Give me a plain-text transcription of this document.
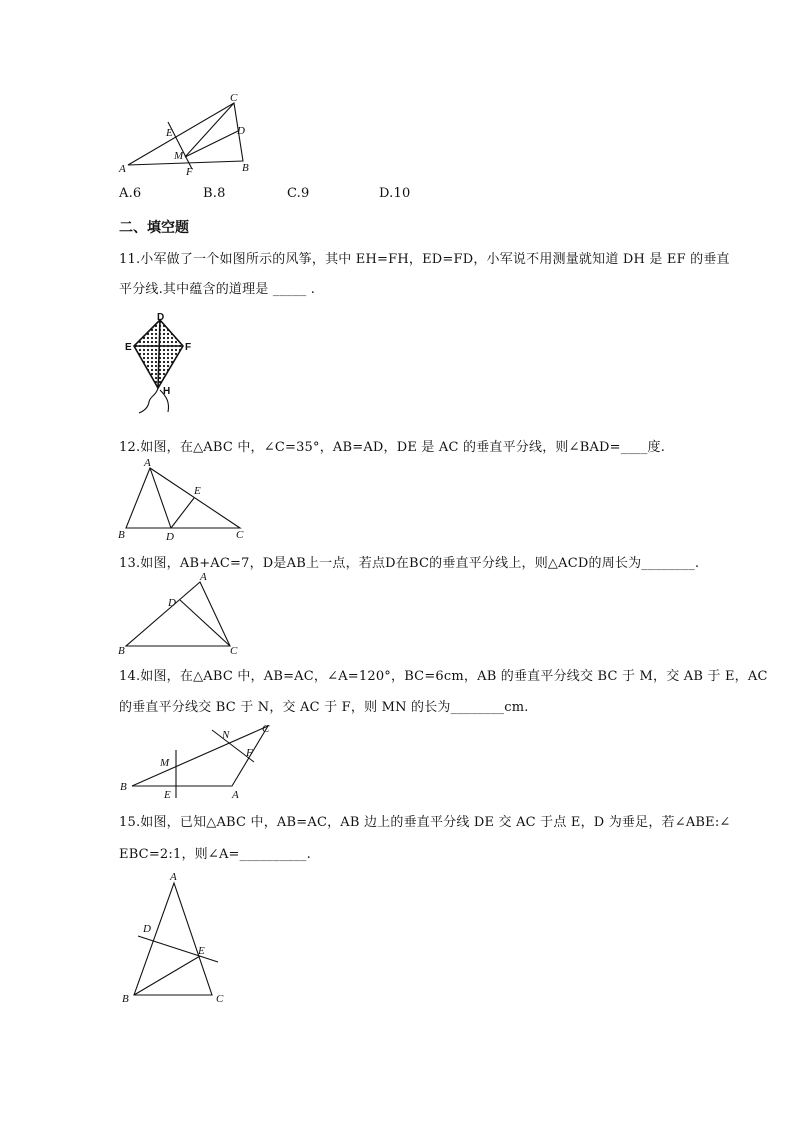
A	B
C
D
E
F
M
A.6	B.8	C.9	D.10
二、填空题
11.小军做了一个如图所示的风筝，其中 EH=FH，ED=FD，小军说不用测量就知道 DH 是 EF 的垂直
平分线.其中蕴含的道理是 _____ .
D
E	F
H
12.如图，在△ABC 中，∠C=35°，AB=AD，DE 是 AC 的垂直平分线，则∠BAD=____度.
A
B	C
D
E
13.如图，AB+AC=7，D是AB上一点，若点D在BC的垂直平分线上，则△ACD的周长为________.
A
B	C
D
14.如图，在△ABC 中，AB=AC，∠A=120°，BC=6cm，AB 的垂直平分线交 BC 于 M，交 AB 于 E，AC
的垂直平分线交 BC 于 N，交 AC 于 F，则 MN 的长为________cm.
A
B
C
E
F
M
N
15.如图，已知△ABC 中，AB=AC，AB 边上的垂直平分线 DE 交 AC 于点 E，D 为垂足，若∠ABE:∠
EBC=2:1，则∠A=__________.
A
B	C
D
E
